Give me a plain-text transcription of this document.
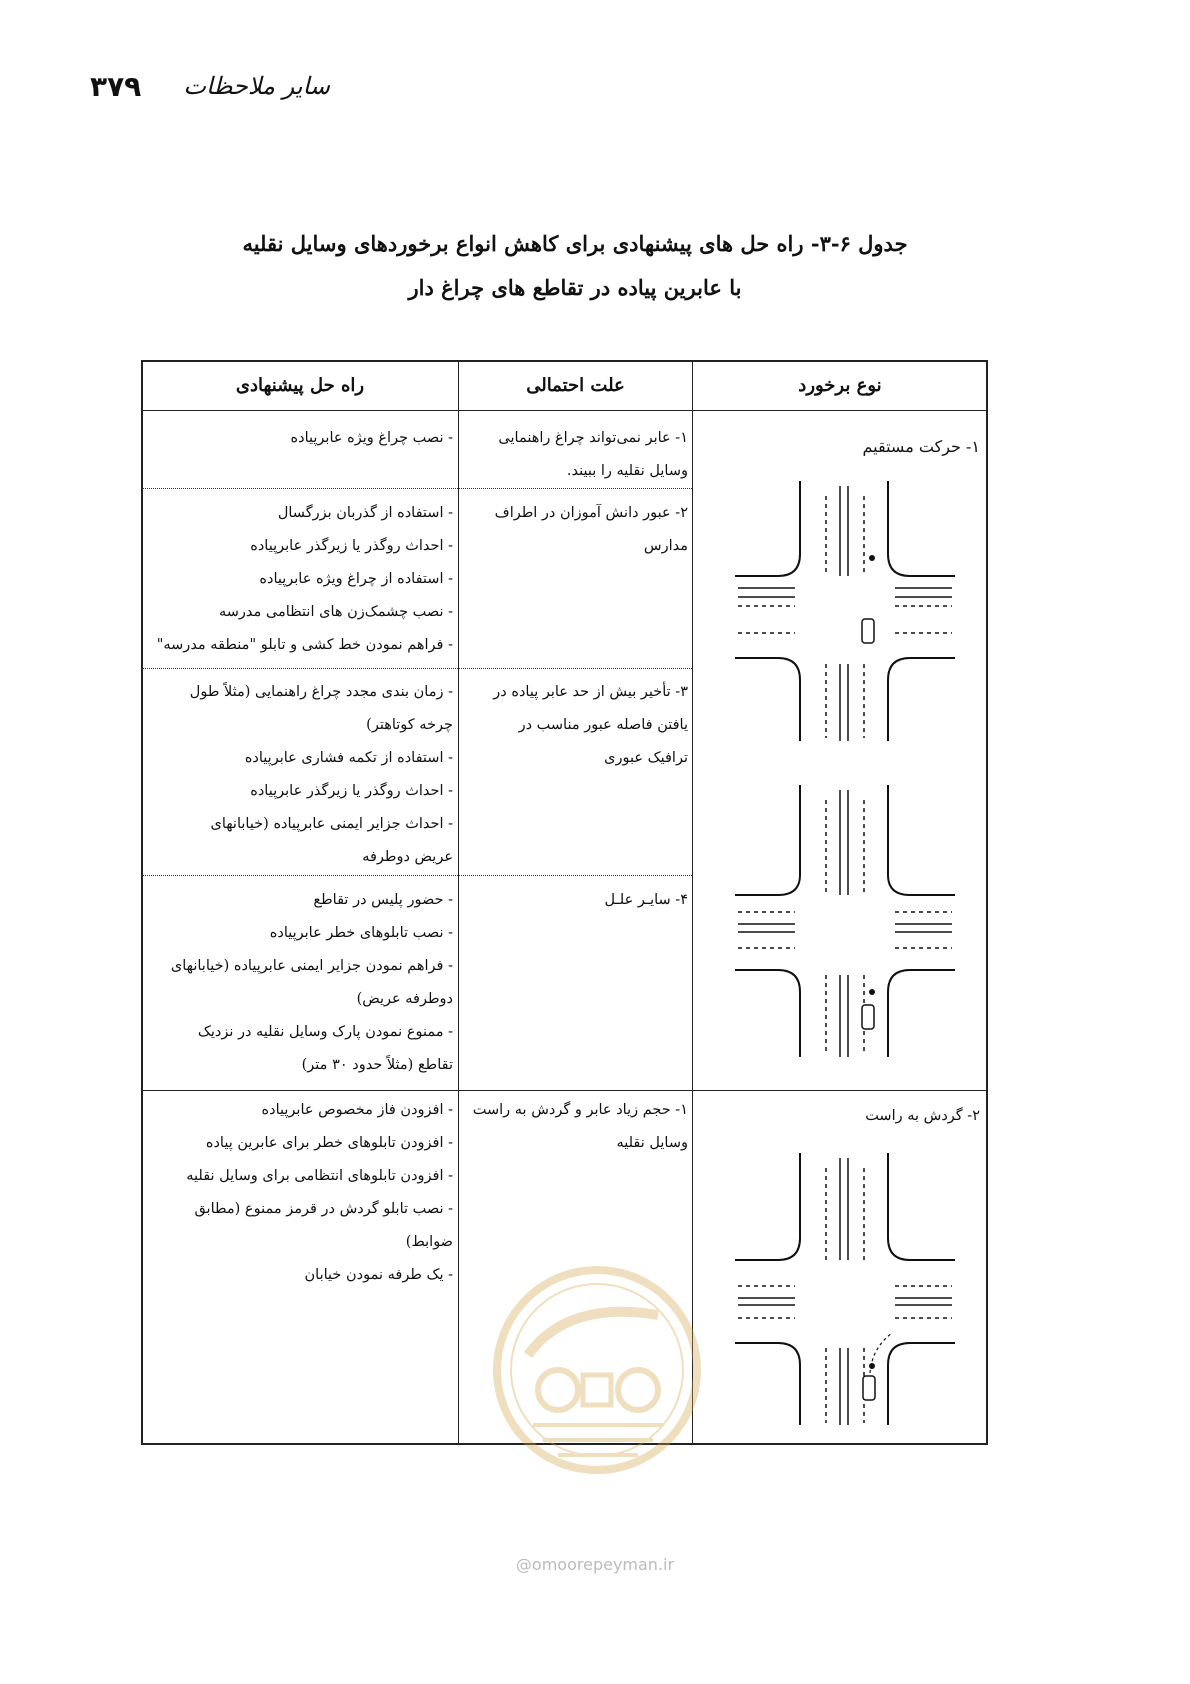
۳۷۹ سایر ملاحظات
جدول ۶-۳- راه حل های پیشنهادی برای کاهش انواع برخوردهای وسایل نقلیه
با عابرین پیاده در تقاطع های چراغ دار
نوع برخورد
علت احتمالی
راه حل پیشنهادی
۱- حرکت مستقیم
۱- عابر نمی‌تواند چراغ راهنمایی
وسایل نقلیه را ببیند.
- نصب چراغ ویژه عابرپیاده
۲- عبور دانش آموزان در اطراف
مدارس
- استفاده از گذربان بزرگسال
- احداث روگذر یا زیرگذر عابرپیاده
- استفاده از چراغ ویژه عابرپیاده
- نصب چشمک‌زن های انتظامی مدرسه
- فراهم نمودن خط کشی و تابلو "منطقه مدرسه"
۳- تأخیر بیش از حد عابر پیاده در
یافتن فاصله عبور مناسب در
ترافیک عبوری
- زمان بندی مجدد چراغ راهنمایی (مثلاً طول
چرخه کوتاهتر)
- استفاده از تکمه فشاری عابرپیاده
- احداث روگذر یا زیرگذر عابرپیاده
- احداث جزایر ایمنی عابرپیاده (خیابانهای
عریض دوطرفه
۴- سایـر علـل
- حضور پلیس در تقاطع
- نصب تابلوهای خطر عابرپیاده
- فراهم نمودن جزایر ایمنی عابرپیاده (خیابانهای
دوطرفه عریض)
- ممنوع نمودن پارک وسایل نقلیه در نزدیک
تقاطع (مثلاً حدود ۳۰ متر)
۲- گردش به راست
۱- حجم زیاد عابر و گردش به راست
وسایل نقلیه
- افزودن فاز مخصوص عابرپیاده
- افزودن تابلوهای خطر برای عابرین پیاده
- افزودن تابلوهای انتظامی برای وسایل نقلیه
- نصب تابلو گردش در قرمز ممنوع (مطابق
ضوابط)
- یک طرفه نمودن خیابان
@omoorepeyman.ir
